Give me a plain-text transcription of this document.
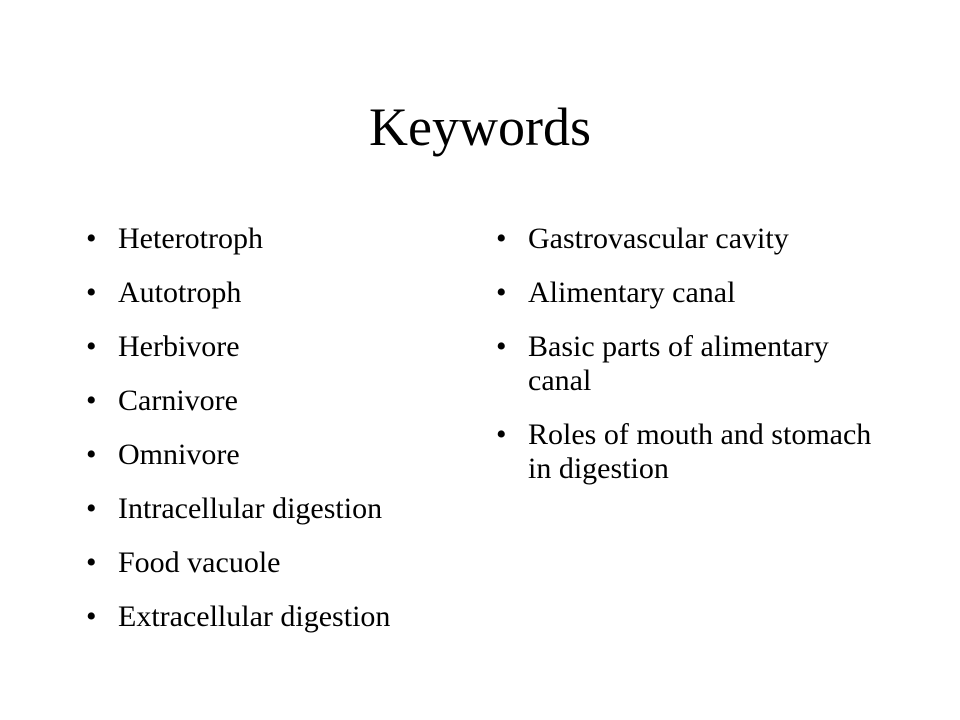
Keywords
• Heterotroph
• Autotroph
• Herbivore
• Carnivore
• Omnivore
• Intracellular digestion
• Food vacuole
• Extracellular digestion
• Gastrovascular cavity
• Alimentary canal
• Basic parts of alimentary canal
• Roles of mouth and stomach in digestion
